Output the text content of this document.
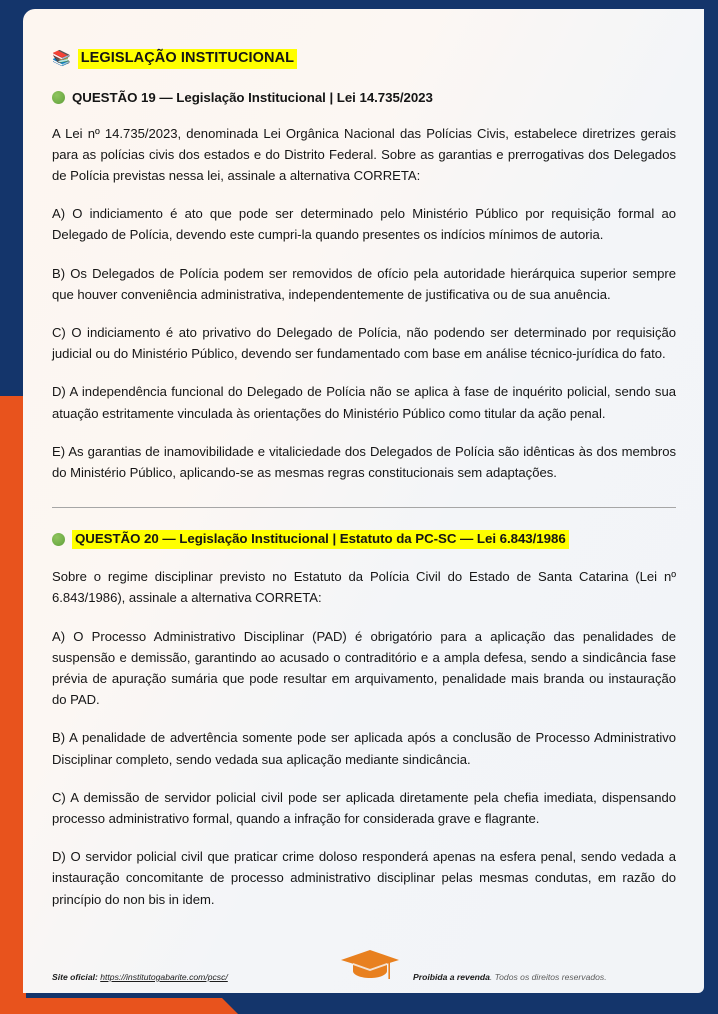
📚 LEGISLAÇÃO INSTITUCIONAL
QUESTÃO 19 — Legislação Institucional | Lei 14.735/2023

A Lei nº 14.735/2023, denominada Lei Orgânica Nacional das Polícias Civis, estabelece diretrizes gerais para as polícias civis dos estados e do Distrito Federal. Sobre as garantias e prerrogativas dos Delegados de Polícia previstas nessa lei, assinale a alternativa CORRETA:

A) O indiciamento é ato que pode ser determinado pelo Ministério Público por requisição formal ao Delegado de Polícia, devendo este cumpri-la quando presentes os indícios mínimos de autoria.

B) Os Delegados de Polícia podem ser removidos de ofício pela autoridade hierárquica superior sempre que houver conveniência administrativa, independentemente de justificativa ou de sua anuência.

C) O indiciamento é ato privativo do Delegado de Polícia, não podendo ser determinado por requisição judicial ou do Ministério Público, devendo ser fundamentado com base em análise técnico-jurídica do fato.

D) A independência funcional do Delegado de Polícia não se aplica à fase de inquérito policial, sendo sua atuação estritamente vinculada às orientações do Ministério Público como titular da ação penal.

E) As garantias de inamovibilidade e vitaliciedade dos Delegados de Polícia são idênticas às dos membros do Ministério Público, aplicando-se as mesmas regras constitucionais sem adaptações.

QUESTÃO 20 — Legislação Institucional | Estatuto da PC-SC — Lei 6.843/1986

Sobre o regime disciplinar previsto no Estatuto da Polícia Civil do Estado de Santa Catarina (Lei nº 6.843/1986), assinale a alternativa CORRETA:

A) O Processo Administrativo Disciplinar (PAD) é obrigatório para a aplicação das penalidades de suspensão e demissão, garantindo ao acusado o contraditório e a ampla defesa, sendo a sindicância fase prévia de apuração sumária que pode resultar em arquivamento, penalidade mais branda ou instauração do PAD.

B) A penalidade de advertência somente pode ser aplicada após a conclusão de Processo Administrativo Disciplinar completo, sendo vedada sua aplicação mediante sindicância.

C) A demissão de servidor policial civil pode ser aplicada diretamente pela chefia imediata, dispensando processo administrativo formal, quando a infração for considerada grave e flagrante.

D) O servidor policial civil que praticar crime doloso responderá apenas na esfera penal, sendo vedada a instauração concomitante de processo administrativo disciplinar pelas mesmas condutas, em razão do princípio do non bis in idem.

Site oficial: https://institutogabarite.com/pcsc/	Proibida a revenda. Todos os direitos reservados.
